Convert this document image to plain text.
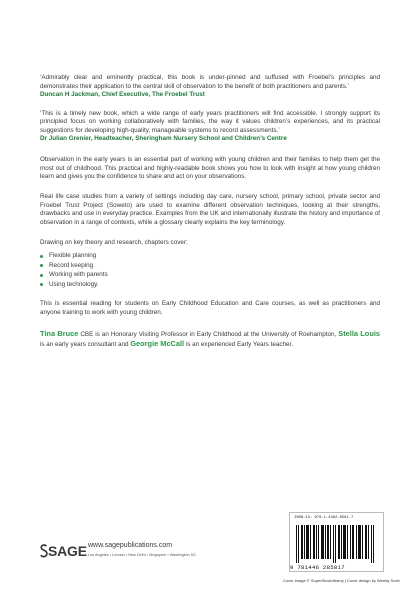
‘Admirably clear and eminently practical, this book is under-pinned and suffused with Froebel’s principles and demonstrates their application to the central skill of observation to the benefit of both practitioners and parents.’

Duncan H Jackman, Chief Executive, The Froebel Trust

‘This is a timely new book, which a wide range of early years practitioners will find accessible. I strongly support its principled focus on working collaboratively with families, the way it values children’s experiences, and its practical suggestions for developing high-quality, manageable systems to record assessments.’

Dr Julian Grenier, Headteacher, Sheringham Nursery School and Children’s Centre

Observation in the early years is an essential part of working with young children and their families to help them get the most out of childhood. This practical and highly-readable book shows you how to look with insight at how young children learn and gives you the confidence to share and act on your observations.

Real life case studies from a variety of settings including day care, nursery school, primary school, private sector and Froebel Trust Project (Soweto) are used to examine different observation techniques, looking at their strengths, drawbacks and use in everyday practice. Examples from the UK and internationally illustrate the history and importance of observation in a range of contexts, while a glossary clearly explains the key terminology.

Drawing on key theory and research, chapters cover:

Flexible planning
Record keeping
Working with parents
Using technology.

This is essential reading for students on Early Childhood Education and Care courses, as well as practitioners and anyone training to work with young children.

Tina Bruce CBE is an Honorary Visiting Professor in Early Childhood at the University of Roehampton, Stella Louis is an early years consultant and Georgie McCall is an experienced Early Years teacher.

SAGE www.sagepublications.com
Los Angeles • London • New Delhi • Singapore • Washington DC
ISBN-13: 978-1-4462-8581-7
9 781446 285817
Cover image © SuperStock/Alamy | Cover design by Wendy Scott
